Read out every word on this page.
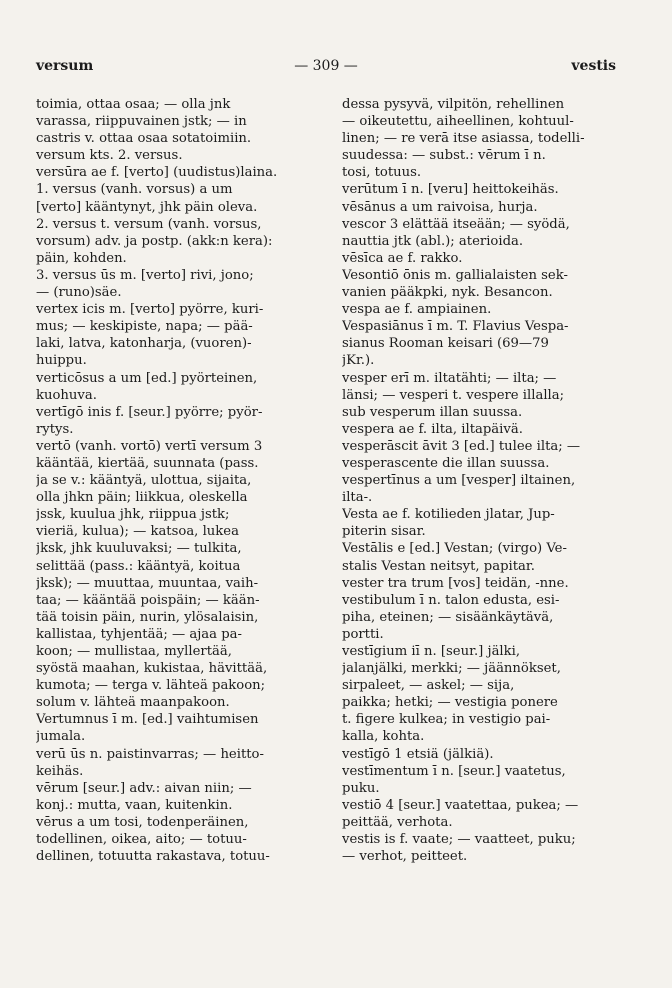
versum	— 309 —	vestis
toimia, ottaa osaa; — olla jnk
varassa, riippuvainen jstk; — in
castris v. ottaa osaa sotatoimiin.
versum kts. 2. versus.
versūra ae f. [verto] (uudistus)laina.
1. versus (vanh. vorsus) a um
[verto] kääntynyt, jhk päin oleva.
2. versus t. versum (vanh. vorsus,
vorsum) adv. ja postp. (akk:n kera):
päin, kohden.
3. versus ūs m. [verto] rivi, jono;
— (runo)säe.
vertex icis m. [verto] pyörre, kuri-
mus; — keskipiste, napa; — pää-
laki, latva, katonharja, (vuoren)-
huippu.
verticōsus a um [ed.] pyörteinen,
kuohuva.
vertīgō inis f. [seur.] pyörre; pyör-
rytys.
vertō (vanh. vortō) vertī versum 3
kääntää, kiertää, suunnata (pass.
ja se v.: kääntyä, ulottua, sijaita,
olla jhkn päin; liikkua, oleskella
jssk, kuulua jhk, riippua jstk;
vieriä, kulua); — katsoa, lukea
jksk, jhk kuuluvaksi; — tulkita,
selittää (pass.: kääntyä, koitua
jksk); — muuttaa, muuntaa, vaih-
taa; — kääntää poispäin; — kään-
tää toisin päin, nurin, ylösalaisin,
kallistaa, tyhjentää; — ajaa pa-
koon; — mullistaa, myllertää,
syöstä maahan, kukistaa, hävittää,
kumota; — terga v. lähteä pakoon;
solum v. lähteä maanpakoon.
Vertumnus ī m. [ed.] vaihtumisen
jumala.
verū ūs n. paistinvarras; — heitto-
keihäs.
vērum [seur.] adv.: aivan niin; —
konj.: mutta, vaan, kuitenkin.
vērus a um tosi, todenperäinen,
todellinen, oikea, aito; — totuu-
dellinen, totuutta rakastava, totuu-
dessa pysyvä, vilpitön, rehellinen
— oikeutettu, aiheellinen, kohtuul-
linen; — re verā itse asiassa, todelli-
suudessa: — subst.: vērum ī n.
tosi, totuus.
verūtum ī n. [veru] heittokeihäs.
vēsānus a um raivoisa, hurja.
vescor 3 elättää itseään; — syödä,
nauttia jtk (abl.); aterioida.
vēsīca ae f. rakko.
Vesontiō ōnis m. gallialaisten sek-
vanien pääkpki, nyk. Besancon.
vespa ae f. ampiainen.
Vespasiānus ī m. T. Flavius Vespa-
sianus Rooman keisari (69—79
jKr.).
vesper erī m. iltatähti; — ilta; —
länsi; — vesperi t. vespere illalla;
sub vesperum illan suussa.
vespera ae f. ilta, iltapäivä.
vesperāscit āvit 3 [ed.] tulee ilta; —
vesperascente die illan suussa.
vespertīnus a um [vesper] iltainen,
ilta-.
Vesta ae f. kotilieden jlatar, Jup-
piterin sisar.
Vestālis e [ed.] Vestan; (virgo) Ve-
stalis Vestan neitsyt, papitar.
vester tra trum [vos] teidän, -nne.
vestibulum ī n. talon edusta, esi-
piha, eteinen; — sisäänkäytävä,
portti.
vestīgium iī n. [seur.] jälki,
jalanjälki, merkki; — jäännökset,
sirpaleet, — askel; — sija,
paikka; hetki; — vestigia ponere
t. figere kulkea; in vestigio pai-
kalla, kohta.
vestīgō 1 etsiä (jälkiä).
vestīmentum ī n. [seur.] vaatetus,
puku.
vestiō 4 [seur.] vaatettaa, pukea; —
peittää, verhota.
vestis is f. vaate; — vaatteet, puku;
— verhot, peitteet.
